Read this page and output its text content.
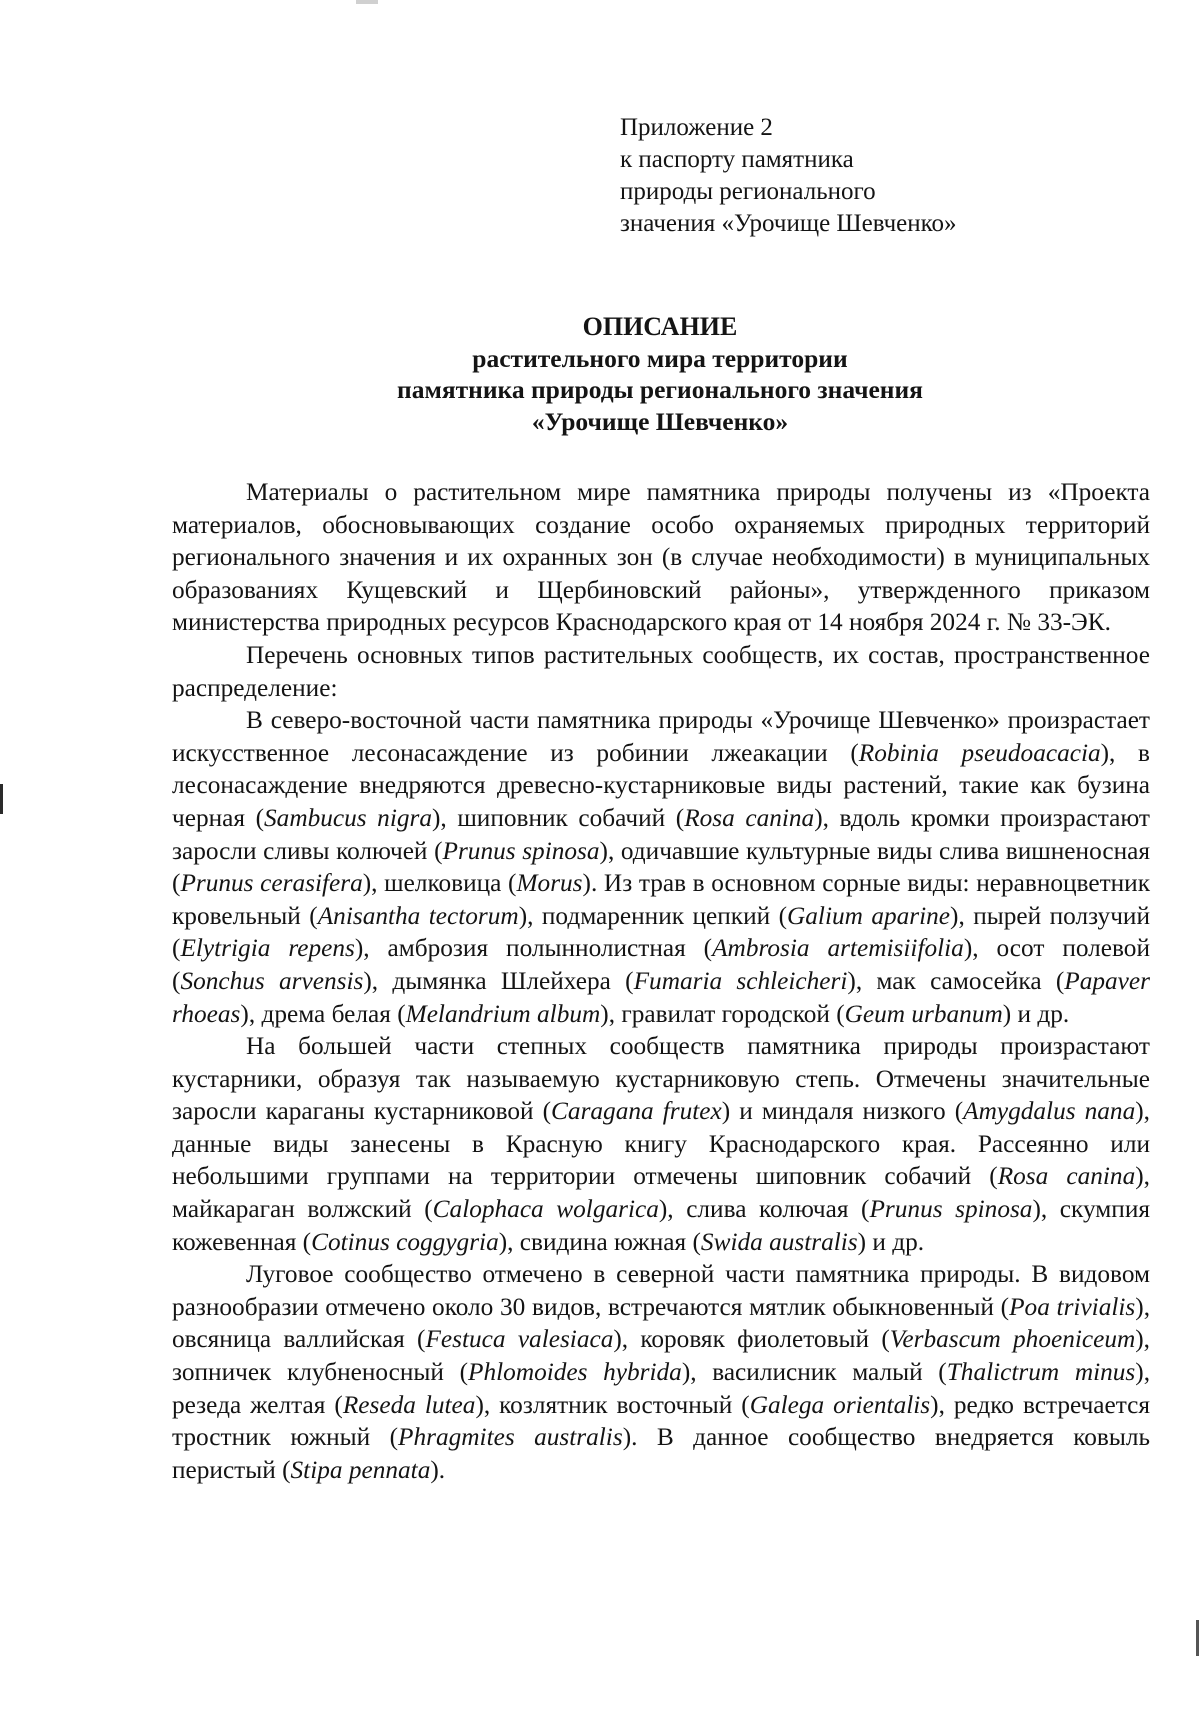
Приложение 2
к паспорту памятника
природы регионального
значения «Урочище Шевченко»
ОПИСАНИЕ
растительного мира территории
памятника природы регионального значения
«Урочище Шевченко»

Материалы о растительном мире памятника природы получены из «Проекта материалов, обосновывающих создание особо охраняемых природных территорий регионального значения и их охранных зон (в случае необходимости) в муниципальных образованиях Кущевский и Щербиновский районы», утвержденного приказом министерства природных ресурсов Краснодарского края от 14 ноября 2024 г. № 33-ЭК.

Перечень основных типов растительных сообществ, их состав, пространственное распределение:

В северо-восточной части памятника природы «Урочище Шевченко» произрастает искусственное лесонасаждение из робинии лжеакации (Robinia pseudoacacia), в лесонасаждение внедряются древесно-кустарниковые виды растений, такие как бузина черная (Sambucus nigra), шиповник собачий (Rosa canina), вдоль кромки произрастают заросли сливы колючей (Prunus spinosa), одичавшие культурные виды слива вишненосная (Prunus cerasifera), шелковица (Morus). Из трав в основном сорные виды: неравноцветник кровельный (Anisantha tectorum), подмаренник цепкий (Galium aparine), пырей ползучий (Elytrigia repens), амброзия полыннолистная (Ambrosia artemisiifolia), осот полевой (Sonchus arvensis), дымянка Шлейхера (Fumaria schleicheri), мак самосейка (Papaver rhoeas), дрема белая (Melandrium album), гравилат городской (Geum urbanum) и др.

На большей части степных сообществ памятника природы произрастают кустарники, образуя так называемую кустарниковую степь. Отмечены значительные заросли караганы кустарниковой (Caragana frutex) и миндаля низкого (Amygdalus nana), данные виды занесены в Красную книгу Краснодарского края. Рассеянно или небольшими группами на территории отмечены шиповник собачий (Rosa canina), майкараган волжский (Calophaca wolgarica), слива колючая (Prunus spinosa), скумпия кожевенная (Cotinus coggygria), свидина южная (Swida australis) и др.

Луговое сообщество отмечено в северной части памятника природы. В видовом разнообразии отмечено около 30 видов, встречаются мятлик обыкновенный (Poa trivialis), овсяница валлийская (Festuca valesiaca), коровяк фиолетовый (Verbascum phoeniceum), зопничек клубненосный (Phlomoides hybrida), василисник малый (Thalictrum minus), резеда желтая (Reseda lutea), козлятник восточный (Galega orientalis), редко встречается тростник южный (Phragmites australis). В данное сообщество внедряется ковыль перистый (Stipa pennata).
